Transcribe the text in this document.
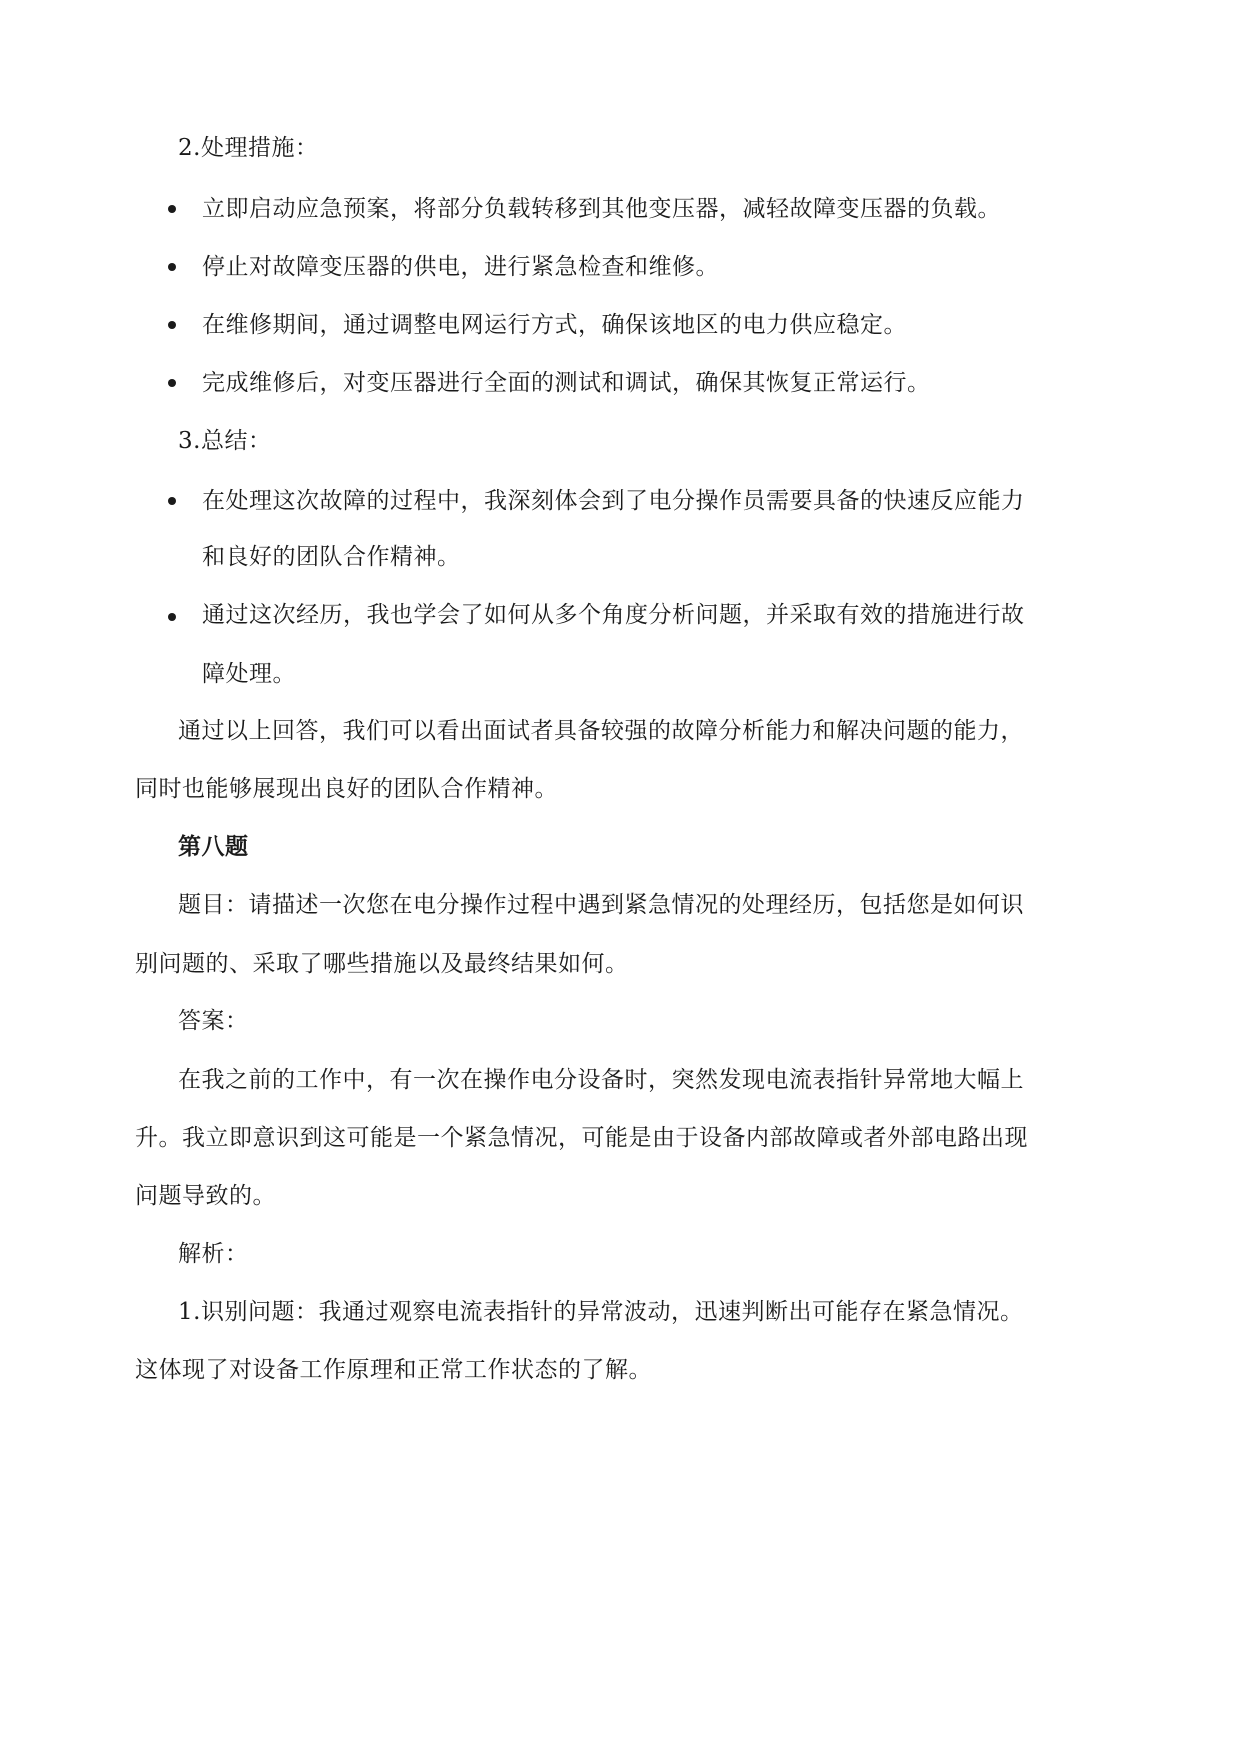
2.处理措施：
立即启动应急预案，将部分负载转移到其他变压器，减轻故障变压器的负载。
停止对故障变压器的供电，进行紧急检查和维修。
在维修期间，通过调整电网运行方式，确保该地区的电力供应稳定。
完成维修后，对变压器进行全面的测试和调试，确保其恢复正常运行。
3.总结：
在处理这次故障的过程中，我深刻体会到了电分操作员需要具备的快速反应能力
和良好的团队合作精神。
通过这次经历，我也学会了如何从多个角度分析问题，并采取有效的措施进行故
障处理。
通过以上回答，我们可以看出面试者具备较强的故障分析能力和解决问题的能力，
同时也能够展现出良好的团队合作精神。
第八题
题目：请描述一次您在电分操作过程中遇到紧急情况的处理经历，包括您是如何识
别问题的、采取了哪些措施以及最终结果如何。
答案：
在我之前的工作中，有一次在操作电分设备时，突然发现电流表指针异常地大幅上
升。我立即意识到这可能是一个紧急情况，可能是由于设备内部故障或者外部电路出现
问题导致的。
解析：
1.识别问题：我通过观察电流表指针的异常波动，迅速判断出可能存在紧急情况。
这体现了对设备工作原理和正常工作状态的了解。
